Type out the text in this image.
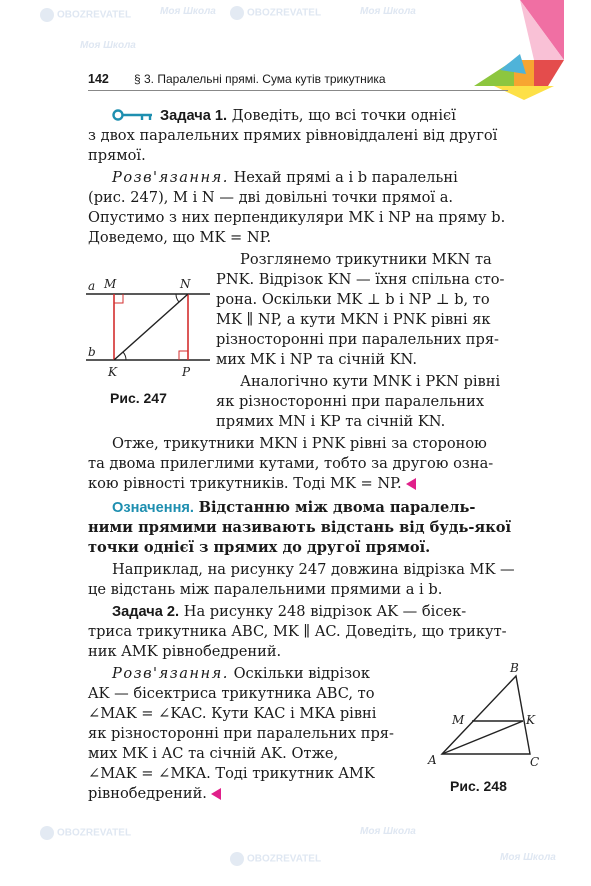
OBOZREVATEL	OBOZREVATEL
Моя Школа	Моя Школа
Моя Школа
OBOZREVATEL
OBOZREVATEL
Моя Школа
Моя Школа
142 § 3. Паралельні прямі. Сума кутів трикутника

Задача 1. Доведіть, що всі точки однієї

з двох паралельних прямих рівновіддалені від другої

прямої.

Розв'язання. Нехай прямі a і b паралельні

(рис. 247), M і N — дві довільні точки прямої a.

Опустимо з них перпендикуляри MK і NP на пряму b.

Доведемо, що MK = NP.

Розглянемо трикутники MKN та

PNK. Відрізок KN — їхня спільна сто-

рона. Оскільки MK ⊥ b і NP ⊥ b, то

MK ∥ NP, а кути MKN і PNK рівні як

різносторонні при паралельних пря-

мих MK і NP та січній KN.

Аналогічно кути MNK і PKN рівні

як різносторонні при паралельних

прямих MN і KP та січній KN.

a
b
M	N
K	P
Рис. 247

Отже, трикутники MKN і PNK рівні за стороною

та двома прилеглими кутами, тобто за другою озна-

кою рівності трикутників. Тоді MK = NP.

Означення. Відстанню між двома паралель-

ними прямими називають відстань від будь-якої

точки однієї з прямих до другої прямої.

Наприклад, на рисунку 247 довжина відрізка MK —

це відстань між паралельними прямими a і b.

Задача 2. На рисунку 248 відрізок AK — бісек-

триса трикутника ABC, MK ∥ AC. Доведіть, що трикут-

ник AMK рівнобедрений.

Розв'язання. Оскільки відрізок

AK — бісектриса трикутника ABC, то

∠MAK = ∠KAC. Кути KAC і MKA рівні

як різносторонні при паралельних пря-

мих MK і AC та січній AK. Отже,

∠MAK = ∠MKA. Тоді трикутник AMK

рівнобедрений.

B
M	K
A	C
Рис. 248
